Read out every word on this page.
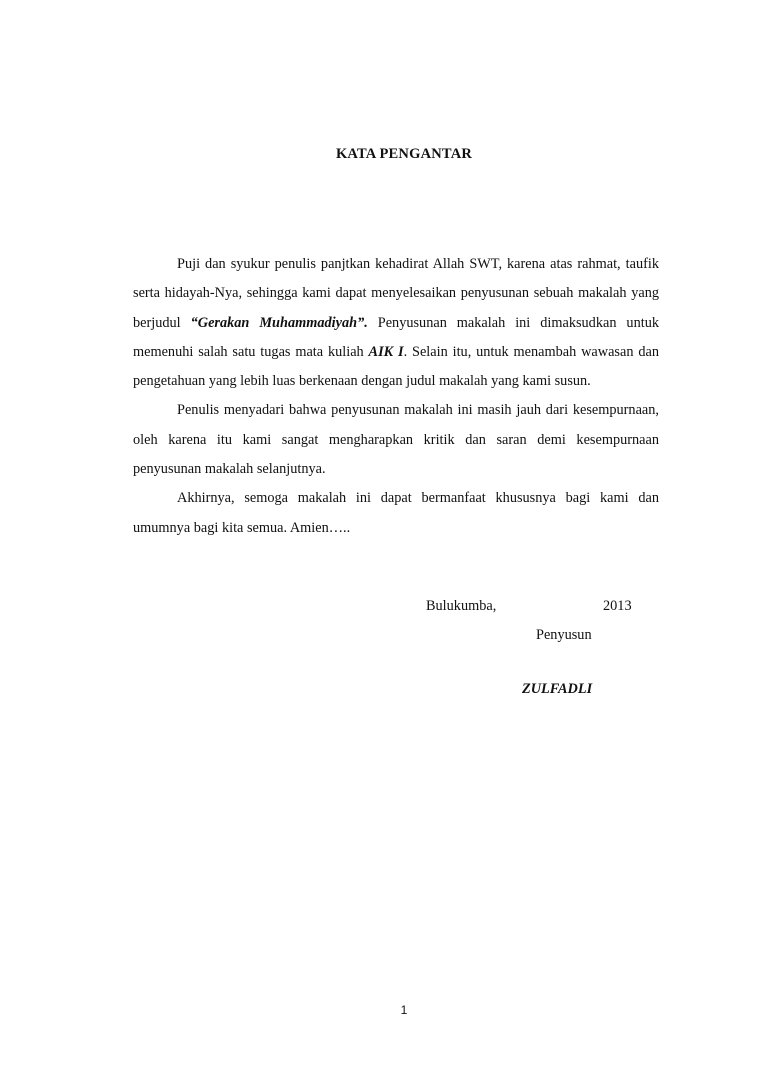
KATA PENGANTAR

Puji dan syukur penulis panjtkan kehadirat Allah SWT, karena atas rahmat, taufik serta hidayah-Nya, sehingga kami dapat menyelesaikan penyusunan sebuah makalah yang berjudul “Gerakan Muhammadiyah”. Penyusunan makalah ini dimaksudkan untuk memenuhi salah satu tugas mata kuliah AIK I. Selain itu, untuk menambah wawasan dan pengetahuan yang lebih luas berkenaan dengan judul makalah yang kami susun.

Penulis menyadari bahwa penyusunan makalah ini masih jauh dari kesempurnaan, oleh karena itu kami sangat mengharapkan kritik dan saran demi kesempurnaan penyusunan makalah selanjutnya.

Akhirnya, semoga makalah ini dapat bermanfaat khususnya bagi kami dan umumnya bagi kita semua. Amien…..

Bulukumba,	2013
Penyusun
ZULFADLI
1
